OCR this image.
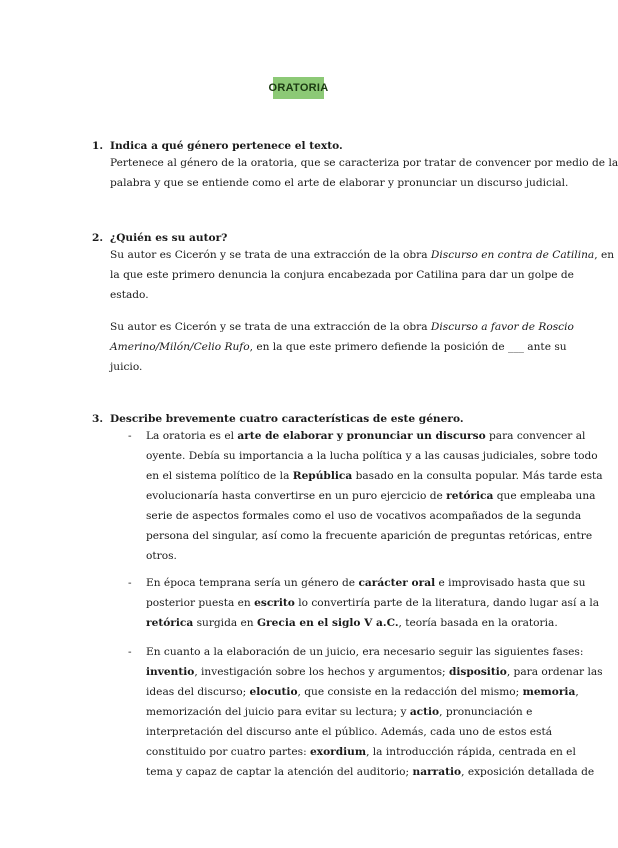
ORATORIA
1. Indica a qué género pertenece el texto.
Pertenece al género de la oratoria, que se caracteriza por tratar de convencer por medio de la
palabra y que se entiende como el arte de elaborar y pronunciar un discurso judicial.
2. ¿Quién es su autor?
Su autor es Cicerón y se trata de una extracción de la obra Discurso en contra de Catilina, en
la que este primero denuncia la conjura encabezada por Catilina para dar un golpe de
estado.
Su autor es Cicerón y se trata de una extracción de la obra Discurso a favor de Roscio
Amerino/Milón/Celio Rufo, en la que este primero defiende la posición de ___ ante su
juicio.
3. Describe brevemente cuatro características de este género.
- La oratoria es el arte de elaborar y pronunciar un discurso para convencer al
oyente. Debía su importancia a la lucha política y a las causas judiciales, sobre todo
en el sistema político de la República basado en la consulta popular. Más tarde esta
evolucionaría hasta convertirse en un puro ejercicio de retórica que empleaba una
serie de aspectos formales como el uso de vocativos acompañados de la segunda
persona del singular, así como la frecuente aparición de preguntas retóricas, entre
otros.
- En época temprana sería un género de carácter oral e improvisado hasta que su
posterior puesta en escrito lo convertiría parte de la literatura, dando lugar así a la
retórica surgida en Grecia en el siglo V a.C., teoría basada en la oratoria.
- En cuanto a la elaboración de un juicio, era necesario seguir las siguientes fases:
inventio, investigación sobre los hechos y argumentos; dispositio, para ordenar las
ideas del discurso; elocutio, que consiste en la redacción del mismo; memoria,
memorización del juicio para evitar su lectura; y actio, pronunciación e
interpretación del discurso ante el público. Además, cada uno de estos está
constituido por cuatro partes: exordium, la introducción rápida, centrada en el
tema y capaz de captar la atención del auditorio; narratio, exposición detallada de
